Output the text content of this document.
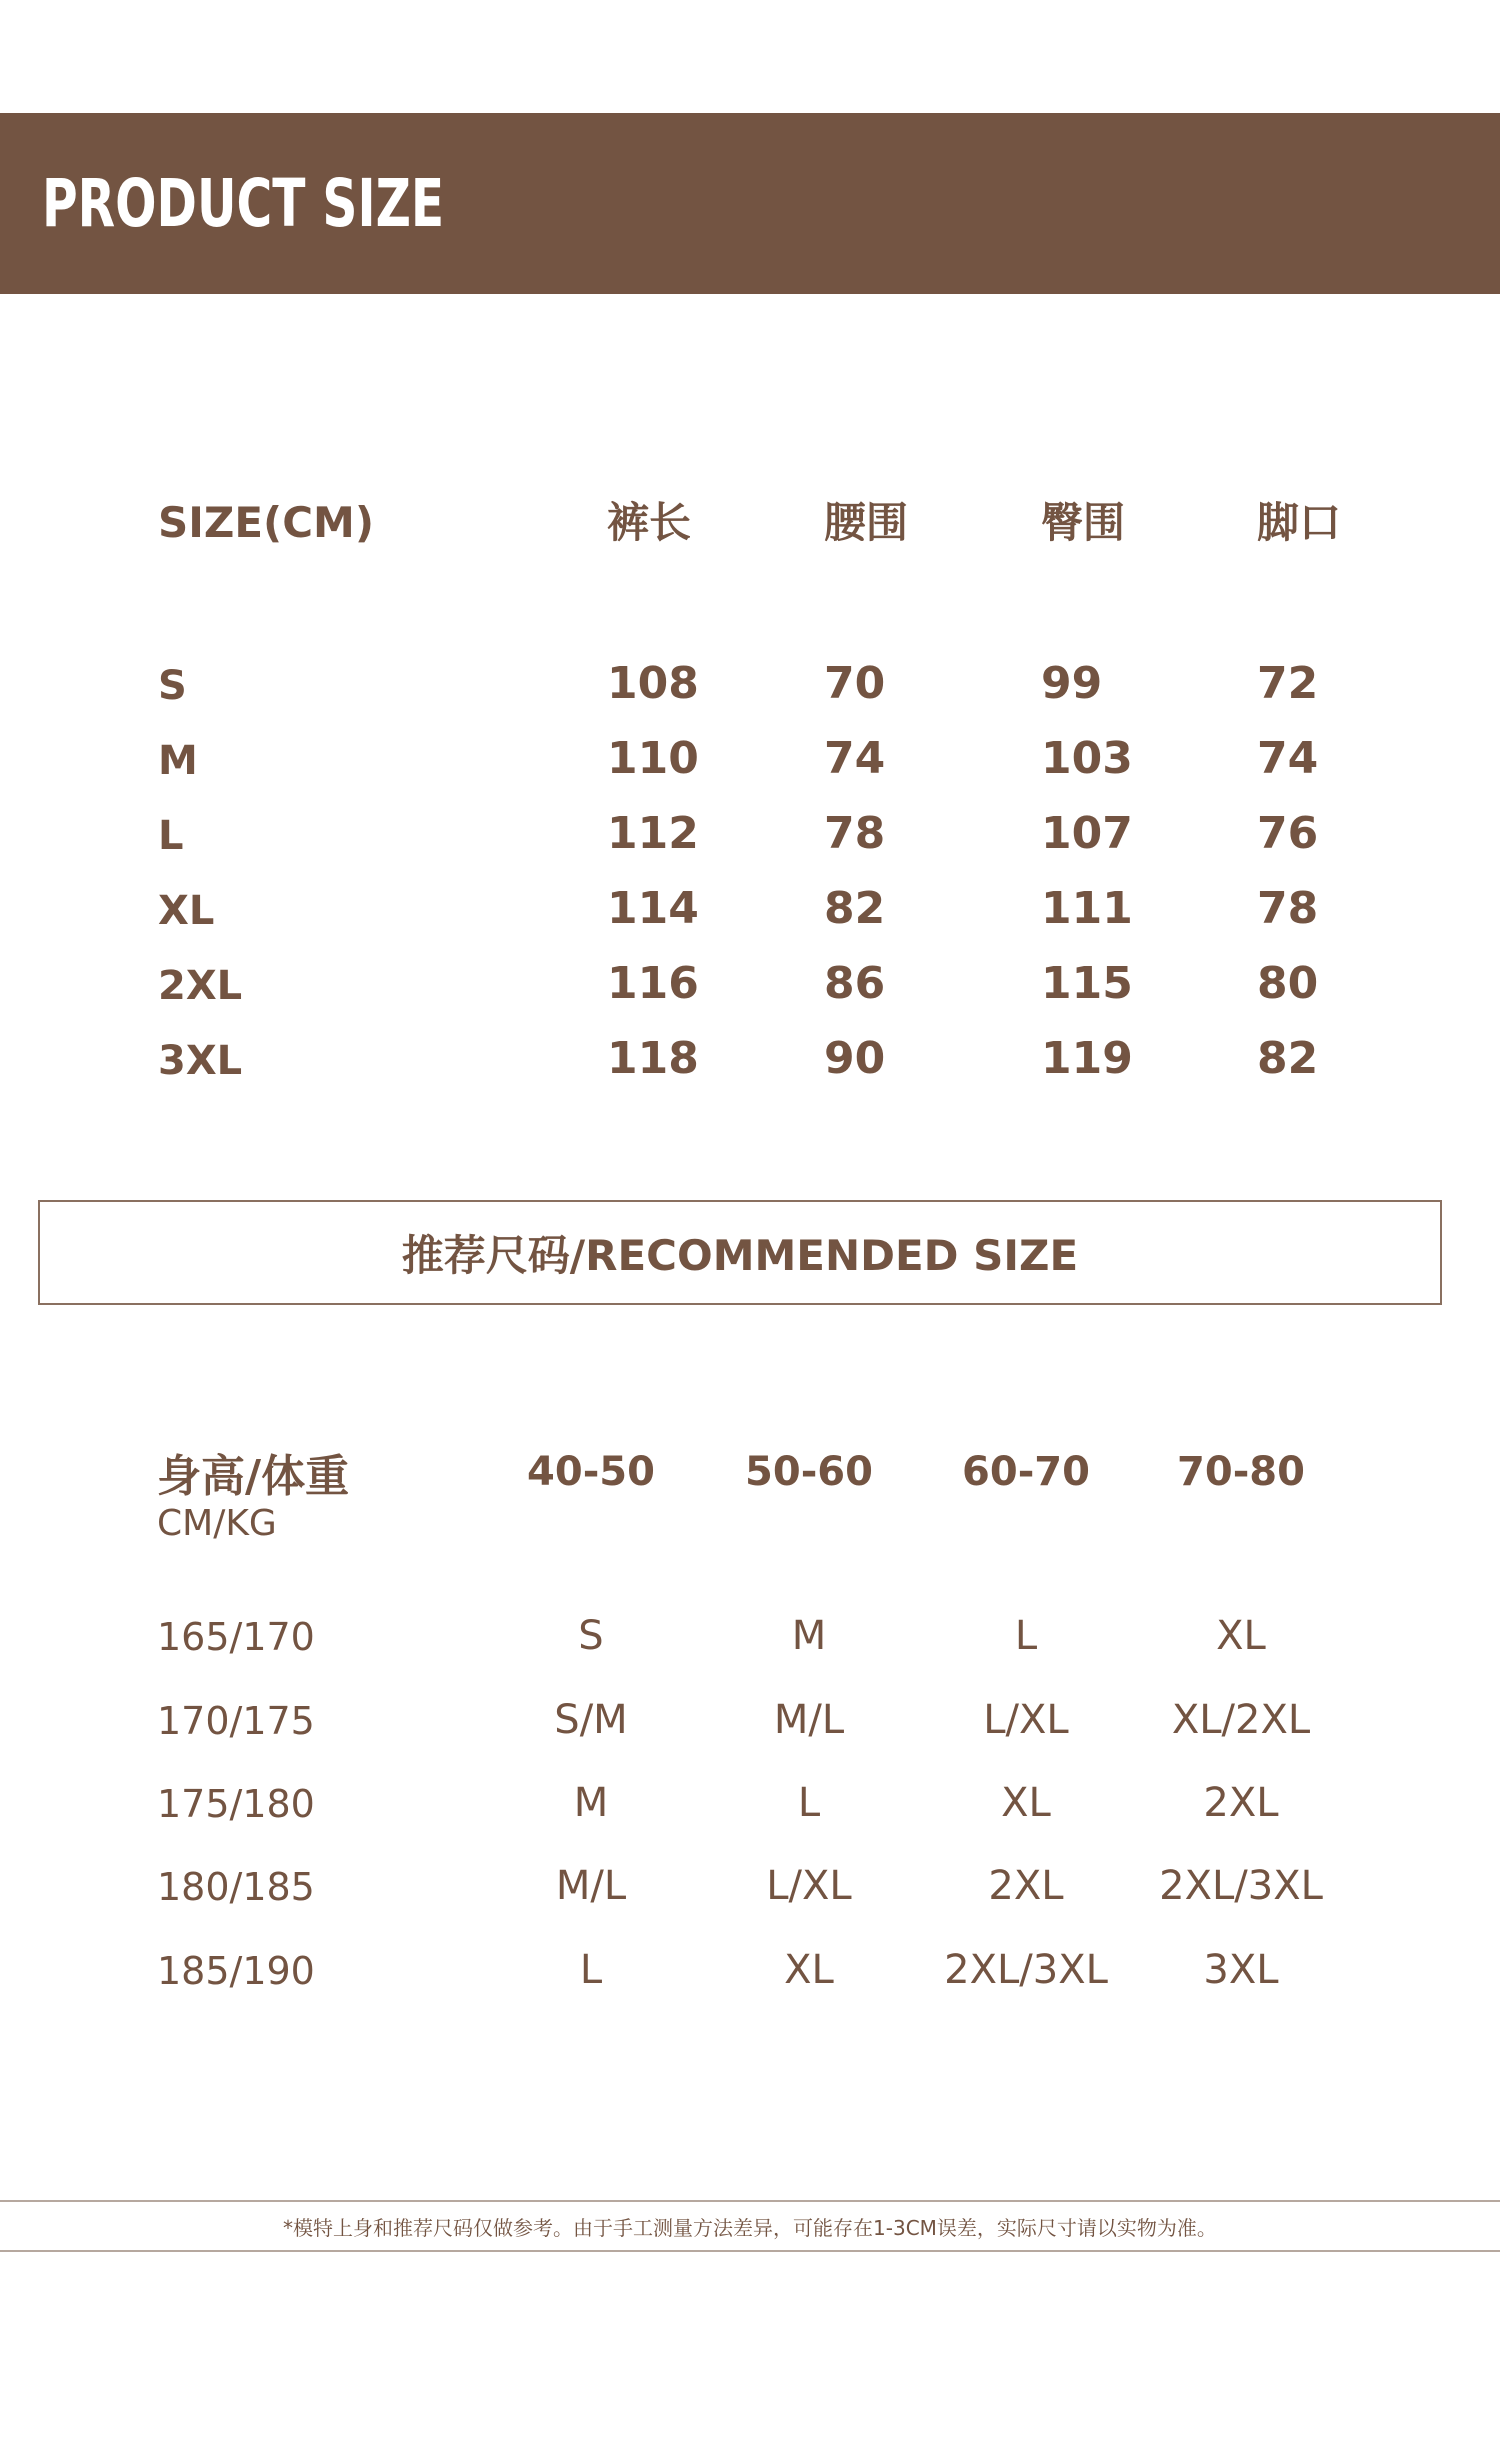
PRODUCT SIZE
SIZE(CM)	裤长	腰围	臀围	脚口
S	108	70	99	72
M	110	74	103	74
L	112	78	107	76
XL	114	82	111	78
2XL	116	86	115	80
3XL	118	90	119	82
推荐尺码/RECOMMENDED SIZE
身高/体重
CM/KG
40-50	50-60	60-70	70-80
165/170	S	M	L	XL
170/175	S/M	M/L	L/XL	XL/2XL
175/180	M	L	XL	2XL
180/185	M/L	L/XL	2XL	2XL/3XL
185/190	L	XL	2XL/3XL	3XL
*模特上身和推荐尺码仅做参考。由于手工测量方法差异，可能存在1-3CM误差，实际尺寸请以实物为准。
